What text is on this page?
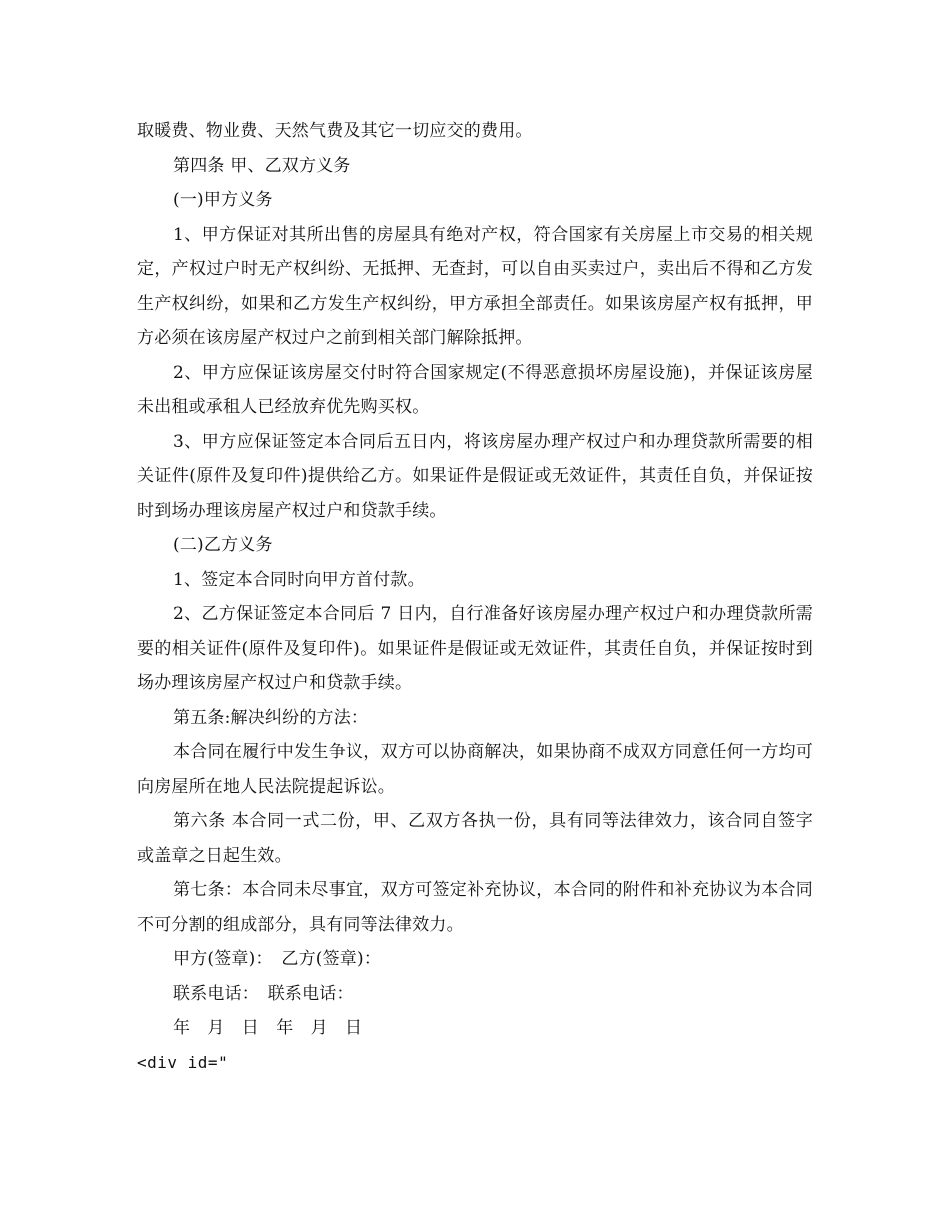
取暖费、物业费、天然气费及其它一切应交的费用。

第四条 甲、乙双方义务

(一)甲方义务

1、甲方保证对其所出售的房屋具有绝对产权，符合国家有关房屋上市交易的相关规定，产权过户时无产权纠纷、无抵押、无查封，可以自由买卖过户，卖出后不得和乙方发生产权纠纷，如果和乙方发生产权纠纷，甲方承担全部责任。如果该房屋产权有抵押，甲方必须在该房屋产权过户之前到相关部门解除抵押。

2、甲方应保证该房屋交付时符合国家规定(不得恶意损坏房屋设施)，并保证该房屋未出租或承租人已经放弃优先购买权。

3、甲方应保证签定本合同后五日内，将该房屋办理产权过户和办理贷款所需要的相关证件(原件及复印件)提供给乙方。如果证件是假证或无效证件，其责任自负，并保证按时到场办理该房屋产权过户和贷款手续。

(二)乙方义务

1、签定本合同时向甲方首付款。

2、乙方保证签定本合同后 7 日内，自行准备好该房屋办理产权过户和办理贷款所需要的相关证件(原件及复印件)。如果证件是假证或无效证件，其责任自负，并保证按时到场办理该房屋产权过户和贷款手续。

第五条:解决纠纷的方法：

本合同在履行中发生争议，双方可以协商解决，如果协商不成双方同意任何一方均可向房屋所在地人民法院提起诉讼。

第六条 本合同一式二份，甲、乙双方各执一份，具有同等法律效力，该合同自签字或盖章之日起生效。

第七条：本合同未尽事宜，双方可签定补充协议，本合同的附件和补充协议为本合同不可分割的组成部分，具有同等法律效力。

甲方(签章)：　乙方(签章)：

联系电话：　联系电话：

年　月　日　年　月　日

<div id="
